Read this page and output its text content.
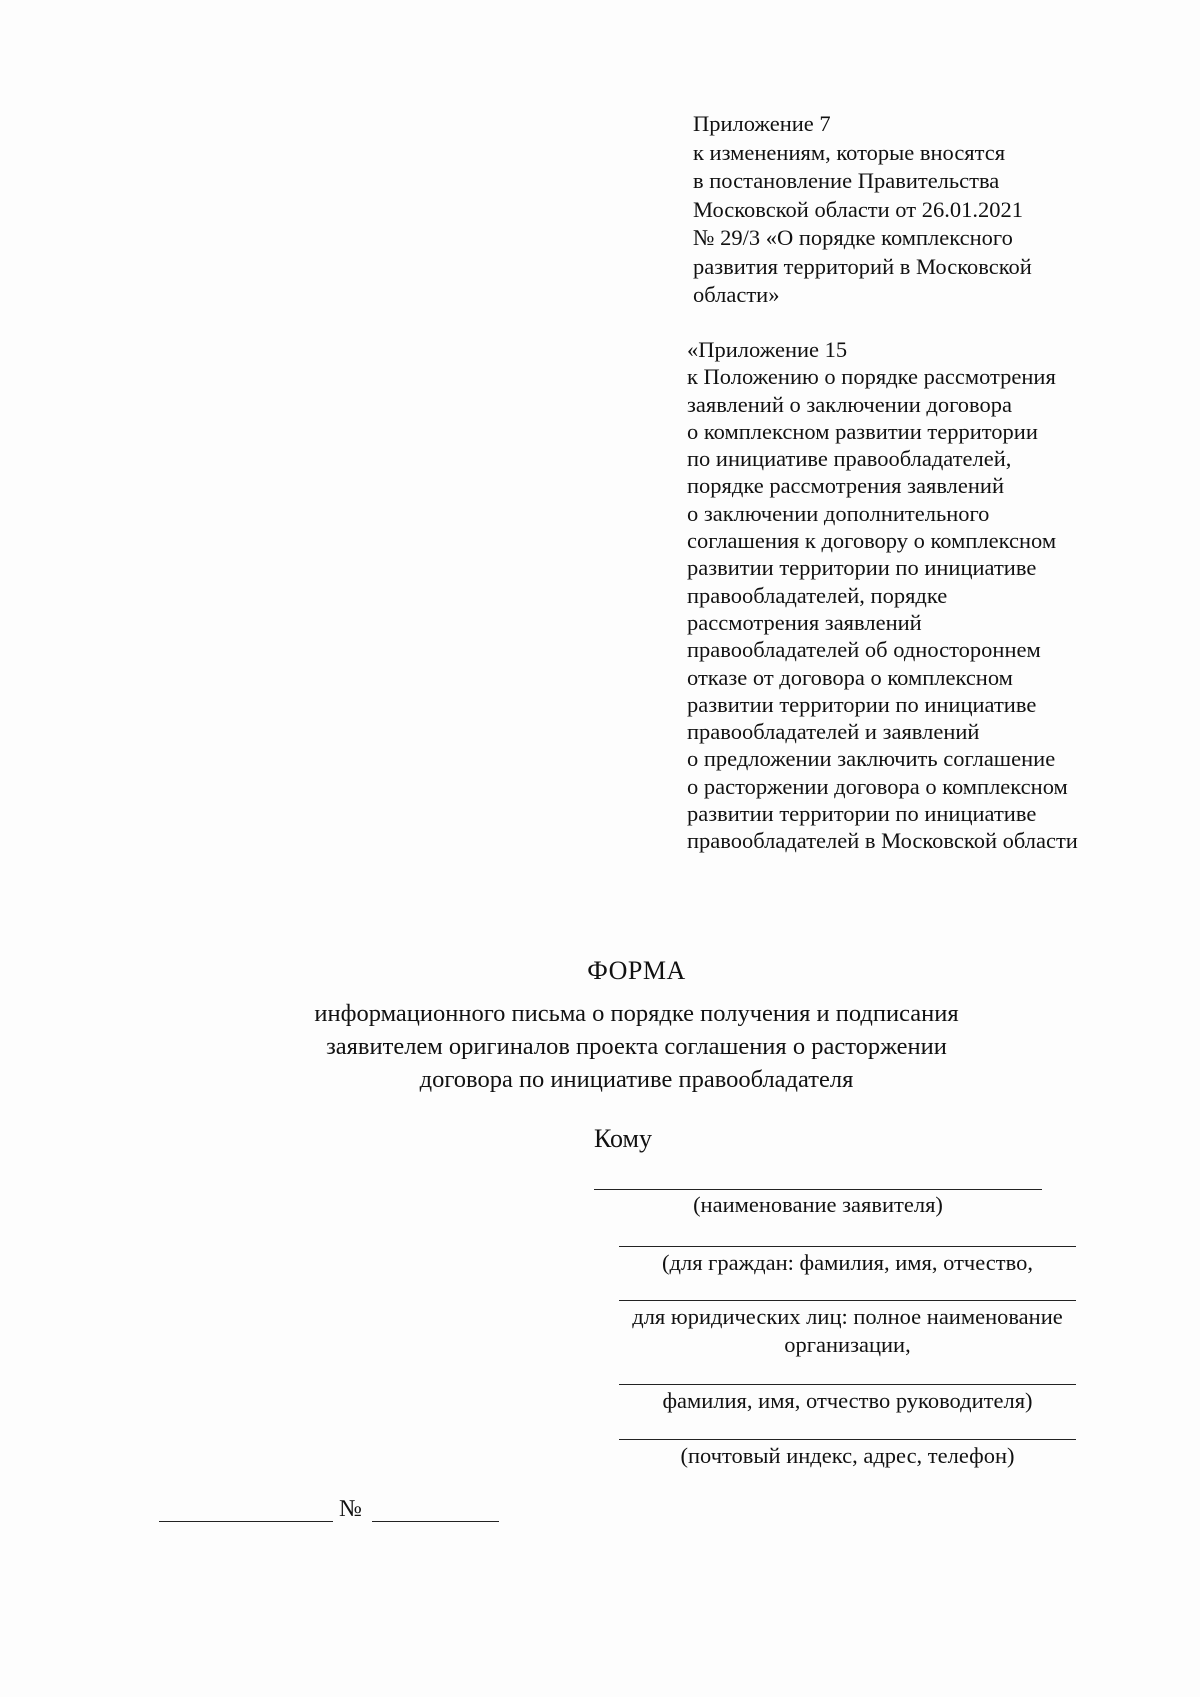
Приложение 7
к изменениям, которые вносятся
в постановление Правительства
Московской области от 26.01.2021
№ 29/3 «О порядке комплексного
развития территорий в Московской
области»
«Приложение 15
к Положению о порядке рассмотрения
заявлений о заключении договора
о комплексном развитии территории
по инициативе правообладателей,
порядке рассмотрения заявлений
о заключении дополнительного
соглашения к договору о комплексном
развитии территории по инициативе
правообладателей, порядке
рассмотрения заявлений
правообладателей об одностороннем
отказе от договора о комплексном
развитии территории по инициативе
правообладателей и заявлений
о предложении заключить соглашение
о расторжении договора о комплексном
развитии территории по инициативе
правообладателей в Московской области
ФОРМА
информационного письма о порядке получения и подписания
заявителем оригиналов проекта соглашения о расторжении
договора по инициативе правообладателя
Кому
(наименование заявителя)
(для граждан: фамилия, имя, отчество,
для юридических лиц: полное наименование
организации,
фамилия, имя, отчество руководителя)
(почтовый индекс, адрес, телефон)
№
